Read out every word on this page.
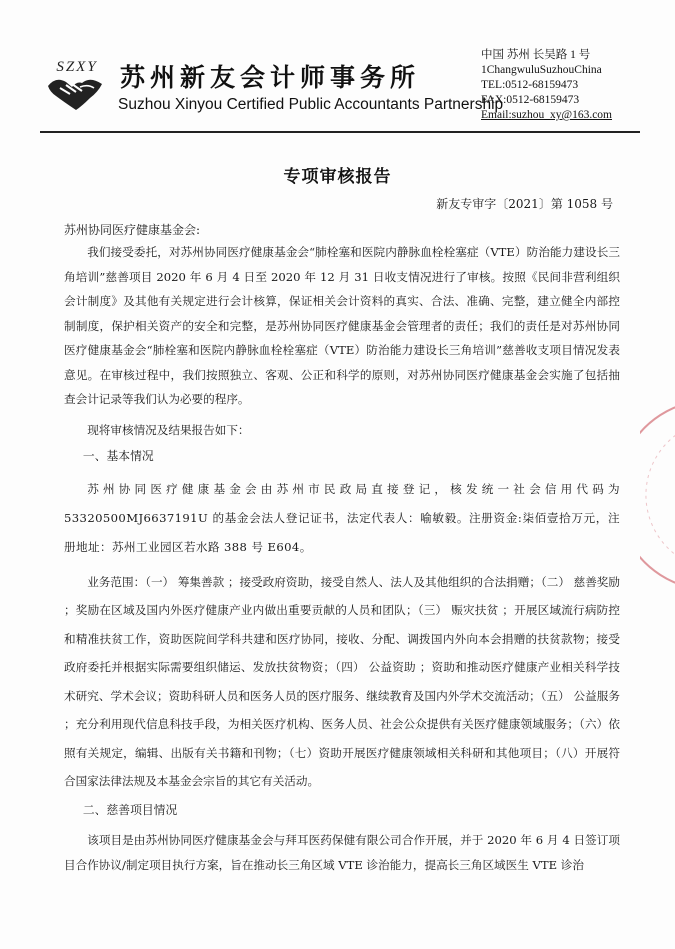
SZXY 苏州新友会计师事务所
Suzhou Xinyou Certified Public Accountants Partnership
中国 苏州 长吴路 1 号
1ChangwuluSuzhouChina
TEL:0512-68159473
FAX:0512-68159473
Email:suzhou_xy@163.com
专项审核报告
新友专审字〔2021〕第 1058 号
苏州协同医疗健康基金会:

我们接受委托，对苏州协同医疗健康基金会“肺栓塞和医院内静脉血栓栓塞症（VTE）防治能力建设长三角培训”慈善项目 2020 年 6 月 4 日至 2020 年 12 月 31 日收支情况进行了审核。按照《民间非营利组织会计制度》及其他有关规定进行会计核算，保证相关会计资料的真实、合法、准确、完整，建立健全内部控制制度，保护相关资产的安全和完整，是苏州协同医疗健康基金会管理者的责任；我们的责任是对苏州协同医疗健康基金会“肺栓塞和医院内静脉血栓栓塞症（VTE）防治能力建设长三角培训”慈善收支项目情况发表意见。在审核过程中，我们按照独立、客观、公正和科学的原则，对苏州协同医疗健康基金会实施了包括抽查会计记录等我们认为必要的程序。

现将审核情况及结果报告如下：

一、基本情况

苏州协同医疗健康基金会由苏州市民政局直接登记，核发统一社会信用代码为 53320500MJ6637191U 的基金会法人登记证书，法定代表人：喻敏毅。注册资金:柒佰壹拾万元，注册地址：苏州工业园区若水路 388 号 E604。

业务范围：（一） 筹集善款 ；接受政府资助，接受自然人、法人及其他组织的合法捐赠；（二） 慈善奖励 ；奖励在区域及国内外医疗健康产业内做出重要贡献的人员和团队；（三） 赈灾扶贫 ；开展区域流行病防控和精准扶贫工作，资助医院间学科共建和医疗协同，接收、分配、调拨国内外向本会捐赠的扶贫款物；接受政府委托并根据实际需要组织储运、发放扶贫物资；（四） 公益资助 ；资助和推动医疗健康产业相关科学技术研究、学术会议；资助科研人员和医务人员的医疗服务、继续教育及国内外学术交流活动；（五） 公益服务 ；充分利用现代信息科技手段，为相关医疗机构、医务人员、社会公众提供有关医疗健康领域服务；（六）依照有关规定，编辑、出版有关书籍和刊物；（七）资助开展医疗健康领域相关科研和其他项目；（八）开展符合国家法律法规及本基金会宗旨的其它有关活动。

二、慈善项目情况

该项目是由苏州协同医疗健康基金会与拜耳医药保健有限公司合作开展，并于 2020 年 6 月 4 日签订项目合作协议/制定项目执行方案，旨在推动长三角区域 VTE 诊治能力，提高长三角区域医生 VTE 诊治
